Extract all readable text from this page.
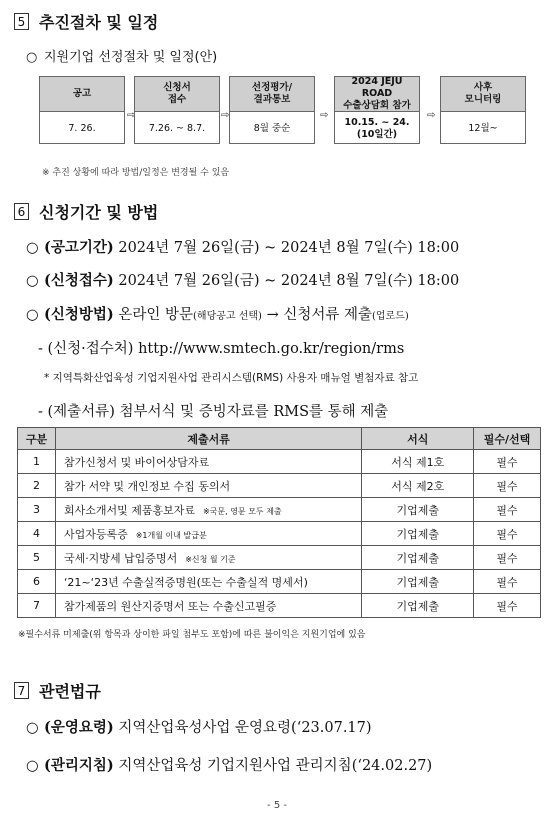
5 추진절차 및 일정
○ 지원기업 선정절차 및 일정(안)
공고
7. 26.
⇨
신청서
접수
7.26. ~ 8.7.
⇨
선정평가/
결과통보
8월 중순
⇨
2024 JEJU ROAD
수출상담회 참가
10.15. ~ 24.
(10일간)
⇨
사후
모니터링
12월~
※ 추진 상황에 따라 방법/일정은 변경될 수 있음
6 신청기간 및 방법
○ (공고기간) 2024년 7월 26일(금) ~ 2024년 8월 7일(수) 18:00
○ (신청접수) 2024년 7월 26일(금) ~ 2024년 8월 7일(수) 18:00
○ (신청방법) 온라인 방문(해당공고 선택) → 신청서류 제출(업로드)
- (신청·접수처) http://www.smtech.go.kr/region/rms
* 지역특화산업육성 기업지원사업 관리시스템(RMS) 사용자 매뉴얼 별첨자료 참고
- (제출서류) 첨부서식 및 증빙자료를 RMS를 통해 제출
구분	제출서류	서식	필수/선택
1	참가신청서 및 바이어상담자료	서식 제1호	필수
2	참가 서약 및 개인정보 수집 동의서	서식 제2호	필수
3	회사소개서및 제품홍보자료 ※국문, 영문 모두 제출	기업제출	필수
4	사업자등록증 ※1개월 이내 발급분	기업제출	필수
5	국세·지방세 납입증명서 ※신청 월 기준	기업제출	필수
6	‘21~‘23년 수출실적증명원(또는 수출실적 명세서)	기업제출	필수
7	참가제품의 원산지증명서 또는 수출신고필증	기업제출	필수
※필수서류 미제출(위 항목과 상이한 파일 첨부도 포함)에 따른 불이익은 지원기업에 있음
7 관련법규
○ (운영요령) 지역산업육성사업 운영요령(‘23.07.17)
○ (관리지침) 지역산업육성 기업지원사업 관리지침(‘24.02.27)
- 5 -
